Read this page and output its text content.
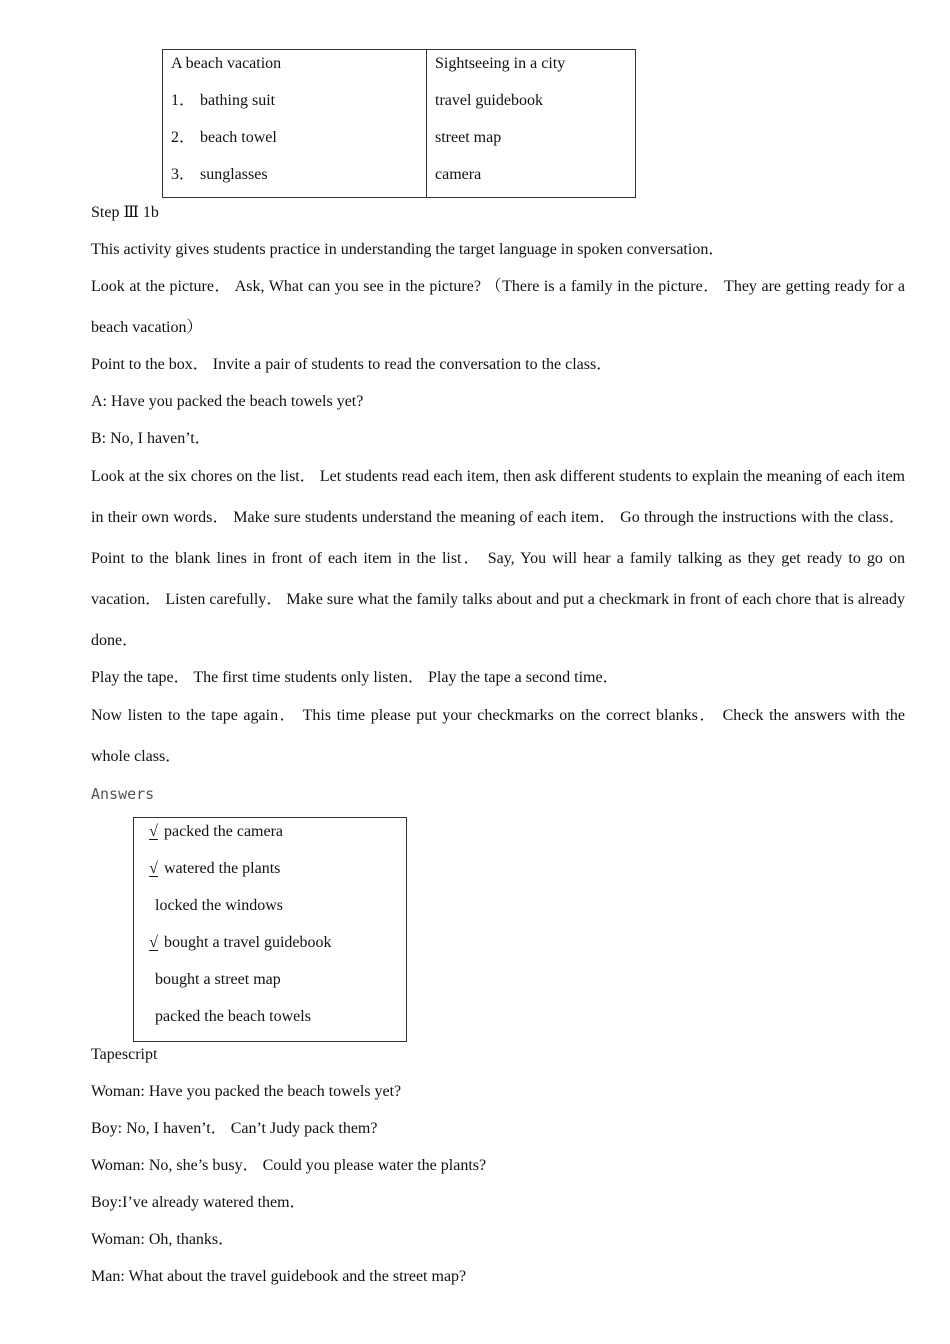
A beach vacation	Sightseeing in a city
1． bathing suit	travel guidebook
2． beach towel	street map
3． sunglasses	camera

Step Ⅲ 1b

This activity gives students practice in understanding the target language in spoken conversation．

Look at the picture． Ask, What can you see in the picture? （There is a family in the picture． They are getting ready for a beach vacation）

Point to the box． Invite a pair of students to read the conversation to the class．

A: Have you packed the beach towels yet?

B: No, I haven’t．

Look at the six chores on the list． Let students read each item, then ask different students to explain the meaning of each item in their own words． Make sure students understand the meaning of each item． Go through the instructions with the class． Point to the blank lines in front of each item in the list． Say, You will hear a family talking as they get ready to go on vacation． Listen carefully． Make sure what the family talks about and put a checkmark in front of each chore that is already done．

Play the tape． The first time students only listen． Play the tape a second time．

Now listen to the tape again． This time please put your checkmarks on the correct blanks． Check the answers with the whole class．

Answers

√ packed the camera
√ watered the plants
locked the windows
√ bought a travel guidebook
bought a street map
packed the beach towels

Tapescript

Woman: Have you packed the beach towels yet?

Boy: No, I haven’t． Can’t Judy pack them?

Woman: No, she’s busy． Could you please water the plants?

Boy:I’ve already watered them．

Woman: Oh, thanks．

Man: What about the travel guidebook and the street map?
